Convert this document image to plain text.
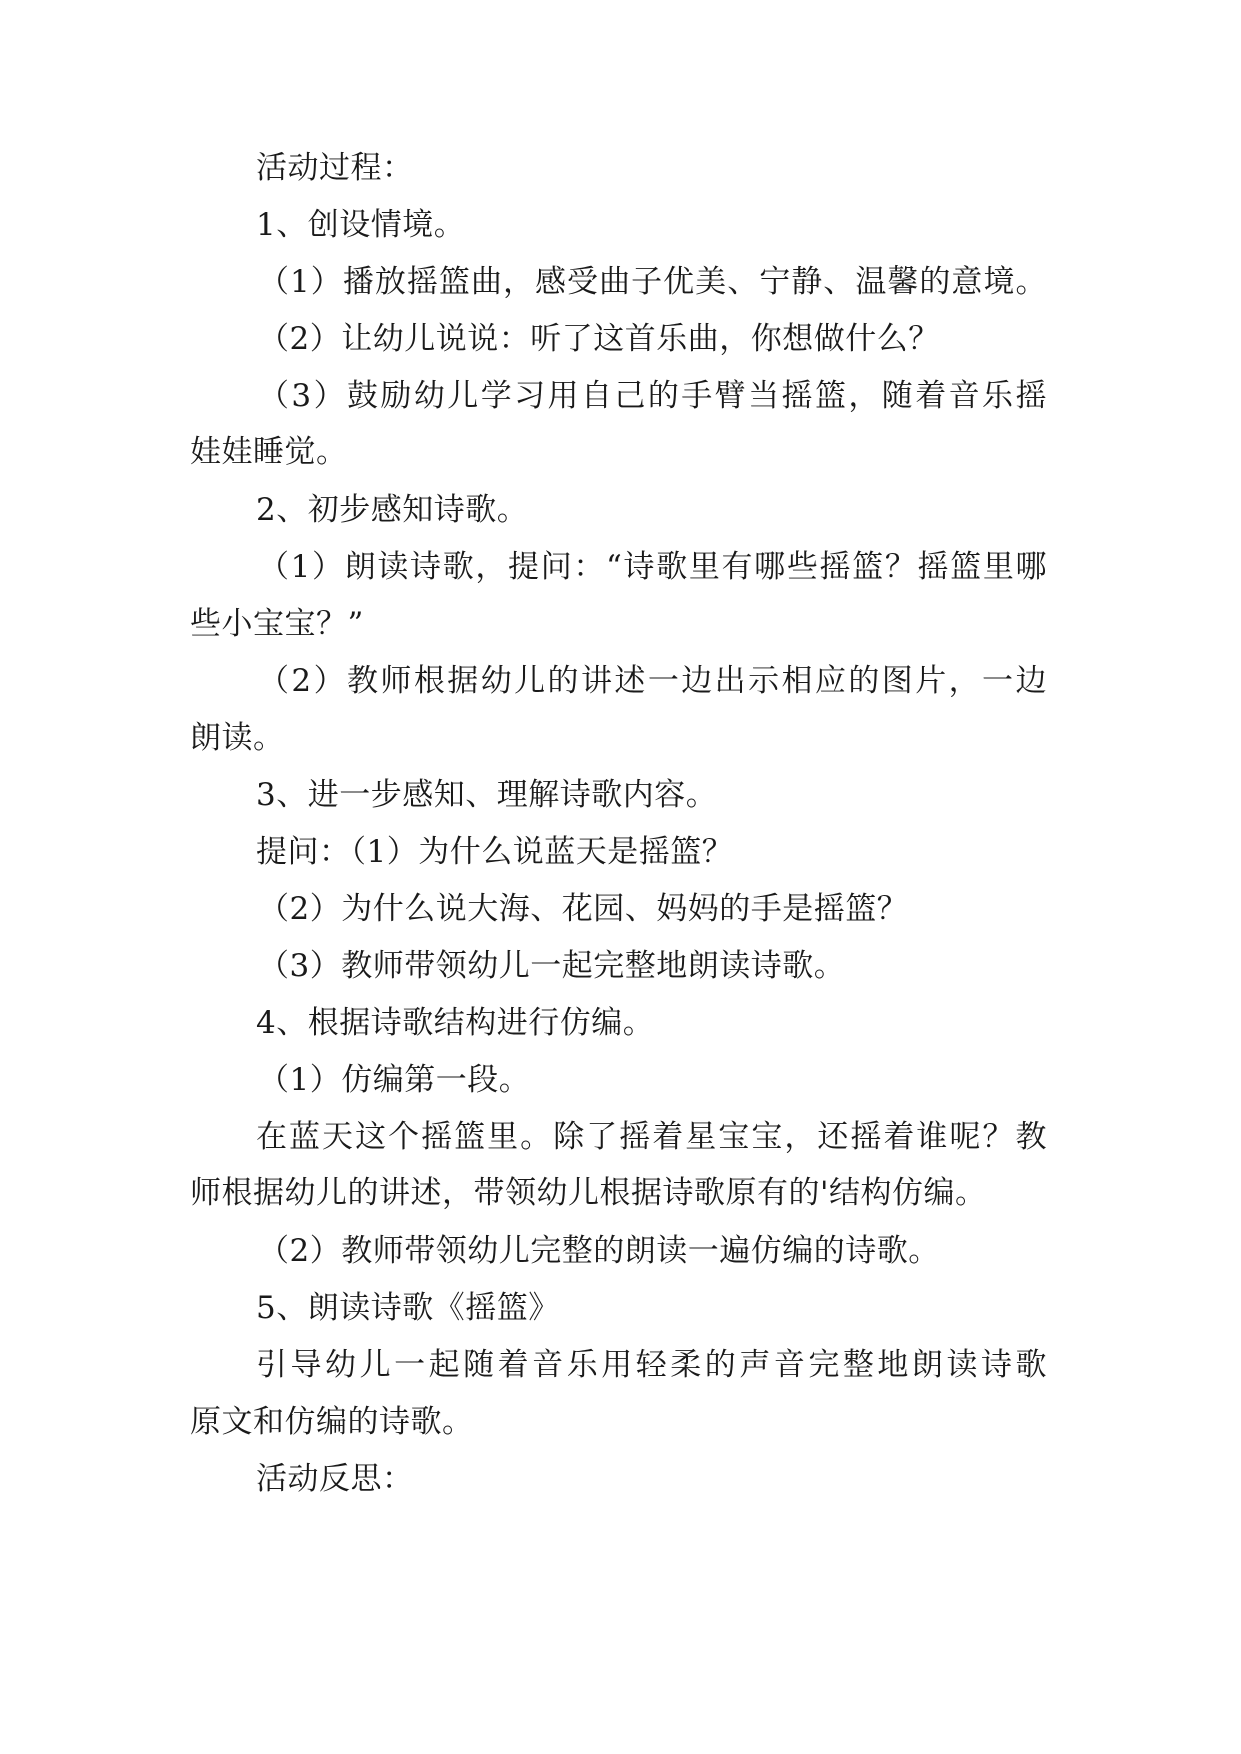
活动过程：
1、创设情境。
（1）播放摇篮曲，感受曲子优美、宁静、温馨的意境。
（2）让幼儿说说：听了这首乐曲，你想做什么？
（3）鼓励幼儿学习用自己的手臂当摇篮，随着音乐摇
娃娃睡觉。
2、初步感知诗歌。
（1）朗读诗歌，提问：“诗歌里有哪些摇篮？摇篮里哪
些小宝宝？”
（2）教师根据幼儿的讲述一边出示相应的图片，一边
朗读。
3、进一步感知、理解诗歌内容。
提问：（1）为什么说蓝天是摇篮？
（2）为什么说大海、花园、妈妈的手是摇篮？
（3）教师带领幼儿一起完整地朗读诗歌。
4、根据诗歌结构进行仿编。
（1）仿编第一段。
在蓝天这个摇篮里。除了摇着星宝宝，还摇着谁呢？教
师根据幼儿的讲述，带领幼儿根据诗歌原有的'结构仿编。
（2）教师带领幼儿完整的朗读一遍仿编的诗歌。
5、朗读诗歌《摇篮》
引导幼儿一起随着音乐用轻柔的声音完整地朗读诗歌
原文和仿编的诗歌。
活动反思：
